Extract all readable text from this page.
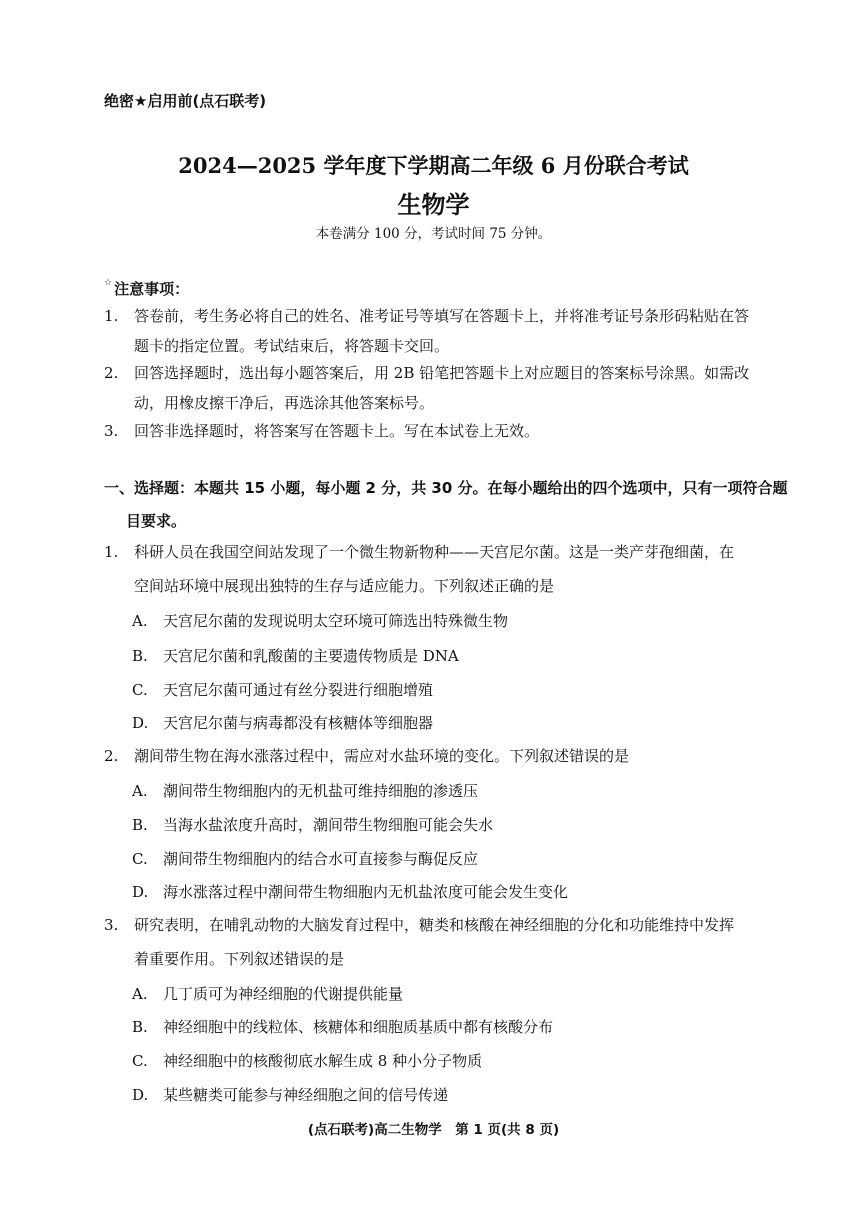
绝密★启用前(点石联考)
2024—2025 学年度下学期高二年级 6 月份联合考试
生物学
本卷满分 100 分，考试时间 75 分钟。
☆ 注意事项：
1. 答卷前，考生务必将自己的姓名、准考证号等填写在答题卡上，并将准考证号条形码粘贴在答
题卡的指定位置。考试结束后，将答题卡交回。
2. 回答选择题时，选出每小题答案后，用 2B 铅笔把答题卡上对应题目的答案标号涂黑。如需改
动，用橡皮擦干净后，再选涂其他答案标号。
3. 回答非选择题时，将答案写在答题卡上。写在本试卷上无效。
一、选择题：本题共 15 小题，每小题 2 分，共 30 分。在每小题给出的四个选项中，只有一项符合题
目要求。
1. 科研人员在我国空间站发现了一个微生物新物种——天宫尼尔菌。这是一类产芽孢细菌，在
空间站环境中展现出独特的生存与适应能力。下列叙述正确的是
A. 天宫尼尔菌的发现说明太空环境可筛选出特殊微生物
B. 天宫尼尔菌和乳酸菌的主要遗传物质是 DNA
C. 天宫尼尔菌可通过有丝分裂进行细胞增殖
D. 天宫尼尔菌与病毒都没有核糖体等细胞器
2. 潮间带生物在海水涨落过程中，需应对水盐环境的变化。下列叙述错误的是
A. 潮间带生物细胞内的无机盐可维持细胞的渗透压
B. 当海水盐浓度升高时，潮间带生物细胞可能会失水
C. 潮间带生物细胞内的结合水可直接参与酶促反应
D. 海水涨落过程中潮间带生物细胞内无机盐浓度可能会发生变化
3. 研究表明，在哺乳动物的大脑发育过程中，糖类和核酸在神经细胞的分化和功能维持中发挥
着重要作用。下列叙述错误的是
A. 几丁质可为神经细胞的代谢提供能量
B. 神经细胞中的线粒体、核糖体和细胞质基质中都有核酸分布
C. 神经细胞中的核酸彻底水解生成 8 种小分子物质
D. 某些糖类可能参与神经细胞之间的信号传递
(点石联考)高二生物学　第 1 页(共 8 页)
